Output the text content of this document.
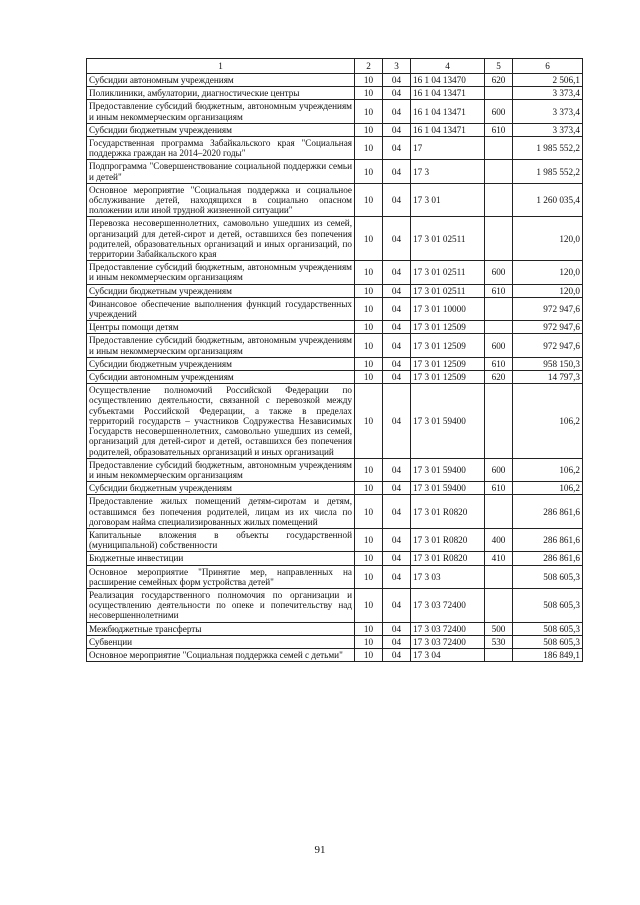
1	2	3	4	5	6
Субсидии автономным учреждениям	10	04	16 1 04 13470	620	2 506,1
Поликлиники, амбулатории, диагностические центры	10	04	16 1 04 13471		3 373,4
Предоставление субсидий бюджетным, автономным учреждениям и иным некоммерческим организациям	10	04	16 1 04 13471	600	3 373,4
Субсидии бюджетным учреждениям	10	04	16 1 04 13471	610	3 373,4
Государственная программа Забайкальского края "Социальная поддержка граждан на 2014–2020 годы"	10	04	17		1 985 552,2
Подпрограмма "Совершенствование социальной поддержки семьи и детей"	10	04	17 3		1 985 552,2
Основное мероприятие "Социальная поддержка и социальное обслуживание детей, находящихся в социально опасном положении или иной трудной жизненной ситуации"	10	04	17 3 01		1 260 035,4
Перевозка несовершеннолетних, самовольно ушедших из семей, организаций для детей-сирот и детей, оставшихся без попечения родителей, образовательных организаций и иных организаций, по территории Забайкальского края	10	04	17 3 01 02511		120,0
Предоставление субсидий бюджетным, автономным учреждениям и иным некоммерческим организациям	10	04	17 3 01 02511	600	120,0
Субсидии бюджетным учреждениям	10	04	17 3 01 02511	610	120,0
Финансовое обеспечение выполнения функций государственных учреждений	10	04	17 3 01 10000		972 947,6
Центры помощи детям	10	04	17 3 01 12509		972 947,6
Предоставление субсидий бюджетным, автономным учреждениям и иным некоммерческим организациям	10	04	17 3 01 12509	600	972 947,6
Субсидии бюджетным учреждениям	10	04	17 3 01 12509	610	958 150,3
Субсидии автономным учреждениям	10	04	17 3 01 12509	620	14 797,3
Осуществление полномочий Российской Федерации по осуществлению деятельности, связанной с перевозкой между субъектами Российской Федерации, а также в пределах территорий государств – участников Содружества Независимых Государств несовершеннолетних, самовольно ушедших из семей, организаций для детей-сирот и детей, оставшихся без попечения родителей, образовательных организаций и иных организаций	10	04	17 3 01 59400		106,2
Предоставление субсидий бюджетным, автономным учреждениям и иным некоммерческим организациям	10	04	17 3 01 59400	600	106,2
Субсидии бюджетным учреждениям	10	04	17 3 01 59400	610	106,2
Предоставление жилых помещений детям-сиротам и детям, оставшимся без попечения родителей, лицам из их числа по договорам найма специализированных жилых помещений	10	04	17 3 01 R0820		286 861,6
Капитальные вложения в объекты государственной (муниципальной) собственности	10	04	17 3 01 R0820	400	286 861,6
Бюджетные инвестиции	10	04	17 3 01 R0820	410	286 861,6
Основное мероприятие "Принятие мер, направленных на расширение семейных форм устройства детей"	10	04	17 3 03		508 605,3
Реализация государственного полномочия по организации и осуществлению деятельности по опеке и попечительству над несовершеннолетними	10	04	17 3 03 72400		508 605,3
Межбюджетные трансферты	10	04	17 3 03 72400	500	508 605,3
Субвенции	10	04	17 3 03 72400	530	508 605,3
Основное мероприятие "Социальная поддержка семей с детьми"	10	04	17 3 04		186 849,1
91
